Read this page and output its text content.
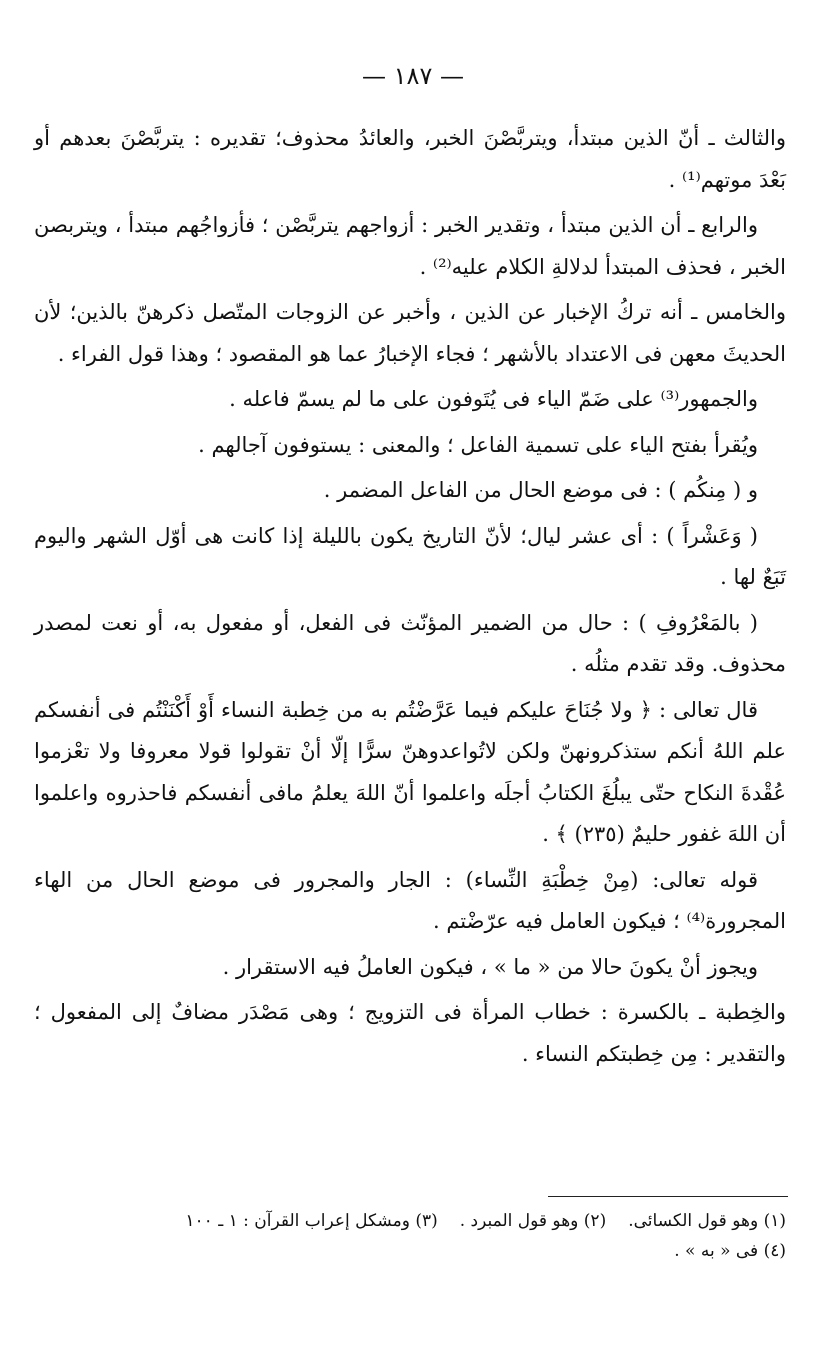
— ١٨٧ —

والثالث ـ أنّ الذين مبتدأ، ويتربَّصْنَ الخبر، والعائدُ محذوف؛ تقديره : يتربَّصْنَ بعدهم أو بَعْدَ موتهم⁽¹⁾ .

والرابع ـ أن الذين مبتدأ ، وتقدير الخبر : أزواجهم يتربَّصْن ؛ فأزواجُهم مبتدأ ، ويتربصن الخبر ، فحذف المبتدأ لدلالةِ الكلام عليه⁽²⁾ .

والخامس ـ أنه تركُ الإخبار عن الذين ، وأخبر عن الزوجات المتّصل ذكرهنّ بالذين؛ لأن الحديثَ معهن فى الاعتداد بالأشهر ؛ فجاء الإخبارُ عما هو المقصود ؛ وهذا قول الفراء .

والجمهور⁽³⁾ على ضَمّ الياء فى يُتَوفون على ما لم يسمّ فاعله .

ويُقرأ بفتح الياء على تسمية الفاعل ؛ والمعنى : يستوفون آجالهم .

و ( مِنكُم ) : فى موضع الحال من الفاعل المضمر .

( وَعَشْراً ) : أى عشر ليال؛ لأنّ التاريخ يكون بالليلة إذا كانت هى أوّل الشهر واليوم تَبَعٌ لها .

( بالمَعْرُوفِ ) : حال من الضمير المؤنّث فى الفعل، أو مفعول به، أو نعت لمصدر محذوف. وقد تقدم مثلُه .

قال تعالى : ﴿ ولا جُنَاحَ عليكم فيما عَرَّضْتُم به من خِطبة النساء أَوْ أَكْنَنْتُم فى أنفسكم علم اللهُ أنكم ستذكرونهنّ ولكن لاتُواعدوهنّ سرًّا إلّا أنْ تقولوا قولا معروفا ولا تعْزموا عُقْدةَ النكاح حتّى يبلُغَ الكتابُ أجلَه واعلموا أنّ اللهَ يعلمُ مافى أنفسكم فاحذروه واعلموا أن اللهَ غفور حليمٌ (٢٣٥) ﴾ .

قوله تعالى: (مِنْ خِطْبَةِ النِّساء) : الجار والمجرور فى موضع الحال من الهاء المجرورة⁽⁴⁾ ؛ فيكون العامل فيه عرّضْتم .

ويجوز أنْ يكونَ حالا من « ما » ، فيكون العاملُ فيه الاستقرار .

والخِطبة ـ بالكسرة : خطاب المرأة فى التزويج ؛ وهى مَصْدَر مضافٌ إلى المفعول ؛ والتقدير : مِن خِطبتكم النساء .

(١) وهو قول الكسائى.(٢) وهو قول المبرد .(٣) ومشكل إعراب القرآن : ١ ـ ١٠٠
(٤) فى « به » .
